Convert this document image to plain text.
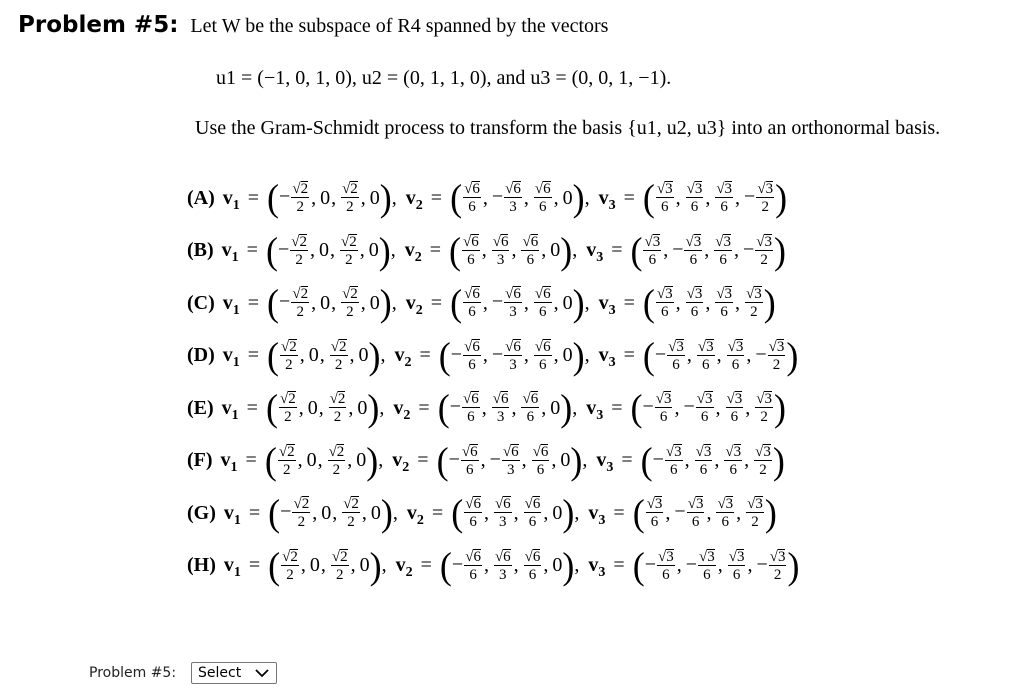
Problem #5: Let W be the subspace of R4 spanned by the vectors
u1 = (−1, 0, 1, 0), u2 = (0, 1, 1, 0), and u3 = (0, 0, 1, −1).
Use the Gram-Schmidt process to transform the basis {u1, u2, u3} into an orthonormal basis.
(A) $v_1$ = ( − $\frac{√ 2}{2}$ , 0 , $\frac{√ 2}{2}$ , 0 ) , $v_2$ = ( $\frac{√ 6}{6}$ , − $\frac{√ 6}{3}$ , $\frac{√ 6}{6}$ , 0 ) , $v_3$ = ( $\frac{√ 3}{6}$ , $\frac{√ 3}{6}$ , $\frac{√ 3}{6}$ , − $\frac{√ 3}{2}$ )
(B) $v_1$ = ( − $\frac{√ 2}{2}$ , 0 , $\frac{√ 2}{2}$ , 0 ) , $v_2$ = ( $\frac{√ 6}{6}$ , $\frac{√ 6}{3}$ , $\frac{√ 6}{6}$ , 0 ) , $v_3$ = ( $\frac{√ 3}{6}$ , − $\frac{√ 3}{6}$ , $\frac{√ 3}{6}$ , − $\frac{√ 3}{2}$ )
(C) $v_1$ = ( − $\frac{√ 2}{2}$ , 0 , $\frac{√ 2}{2}$ , 0 ) , $v_2$ = ( $\frac{√ 6}{6}$ , − $\frac{√ 6}{3}$ , $\frac{√ 6}{6}$ , 0 ) , $v_3$ = ( $\frac{√ 3}{6}$ , $\frac{√ 3}{6}$ , $\frac{√ 3}{6}$ , $\frac{√ 3}{2}$ )
(D) $v_1$ = ( $\frac{√ 2}{2}$ , 0 , $\frac{√ 2}{2}$ , 0 ) , $v_2$ = ( − $\frac{√ 6}{6}$ , − $\frac{√ 6}{3}$ , $\frac{√ 6}{6}$ , 0 ) , $v_3$ = ( − $\frac{√ 3}{6}$ , $\frac{√ 3}{6}$ , $\frac{√ 3}{6}$ , − $\frac{√ 3}{2}$ )
(E) $v_1$ = ( $\frac{√ 2}{2}$ , 0 , $\frac{√ 2}{2}$ , 0 ) , $v_2$ = ( − $\frac{√ 6}{6}$ , $\frac{√ 6}{3}$ , $\frac{√ 6}{6}$ , 0 ) , $v_3$ = ( − $\frac{√ 3}{6}$ , − $\frac{√ 3}{6}$ , $\frac{√ 3}{6}$ , $\frac{√ 3}{2}$ )
(F) $v_1$ = ( $\frac{√ 2}{2}$ , 0 , $\frac{√ 2}{2}$ , 0 ) , $v_2$ = ( − $\frac{√ 6}{6}$ , − $\frac{√ 6}{3}$ , $\frac{√ 6}{6}$ , 0 ) , $v_3$ = ( − $\frac{√ 3}{6}$ , $\frac{√ 3}{6}$ , $\frac{√ 3}{6}$ , $\frac{√ 3}{2}$ )
(G) $v_1$ = ( − $\frac{√ 2}{2}$ , 0 , $\frac{√ 2}{2}$ , 0 ) , $v_2$ = ( $\frac{√ 6}{6}$ , $\frac{√ 6}{3}$ , $\frac{√ 6}{6}$ , 0 ) , $v_3$ = ( $\frac{√ 3}{6}$ , − $\frac{√ 3}{6}$ , $\frac{√ 3}{6}$ , $\frac{√ 3}{2}$ )
(H) $v_1$ = ( $\frac{√ 2}{2}$ , 0 , $\frac{√ 2}{2}$ , 0 ) , $v_2$ = ( − $\frac{√ 6}{6}$ , $\frac{√ 6}{3}$ , $\frac{√ 6}{6}$ , 0 ) , $v_3$ = ( − $\frac{√ 3}{6}$ , − $\frac{√ 3}{6}$ , $\frac{√ 3}{6}$ , − $\frac{√ 3}{2}$ )
Problem #5: Select
